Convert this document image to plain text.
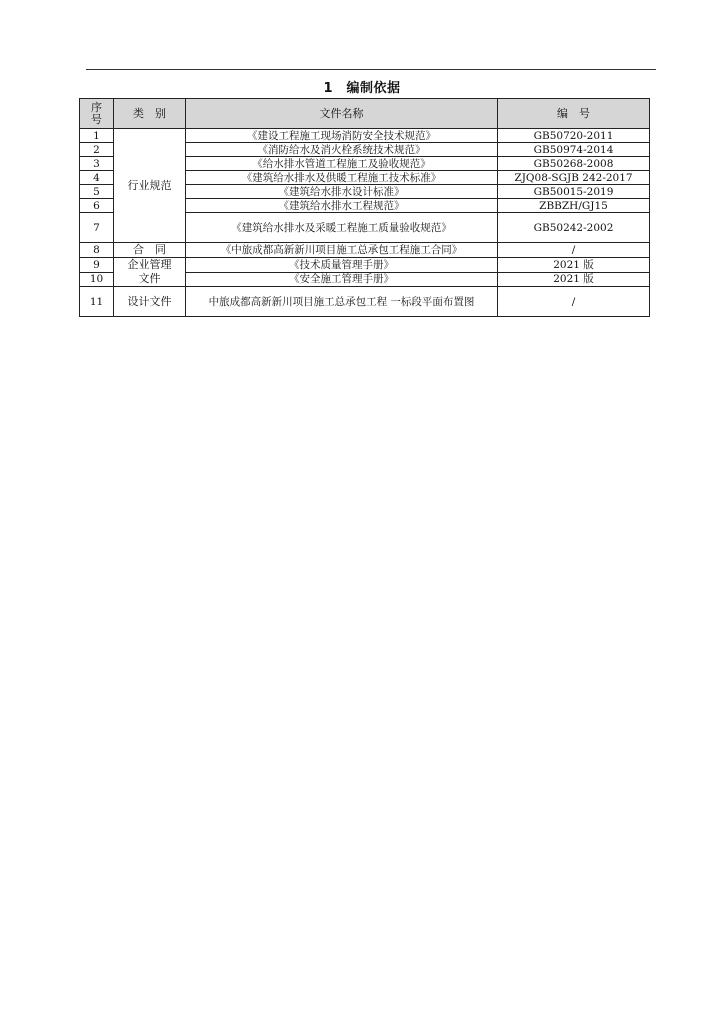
1　编制依据
序号	类　别	文件名称	编　号
1	行业规范	《建设工程施工现场消防安全技术规范》	GB50720-2011
2		《消防给水及消火栓系统技术规范》	GB50974-2014
3		《给水排水管道工程施工及验收规范》	GB50268-2008
4		《建筑给水排水及供暖工程施工技术标准》	ZJQ08-SGJB 242-2017
5		《建筑给水排水设计标准》	GB50015-2019
6		《建筑给水排水工程规范》	ZBBZH/GJ15
7		《建筑给水排水及采暖工程施工质量验收规范》	GB50242-2002
8	合　同	《中旅成都高新新川项目施工总承包工程施工合同》	/
9	企业管理文件	《技术质量管理手册》	2021 版
10		《安全施工管理手册》	2021 版
11	设计文件	中旅成都高新新川项目施工总承包工程 一标段平面布置图	/
